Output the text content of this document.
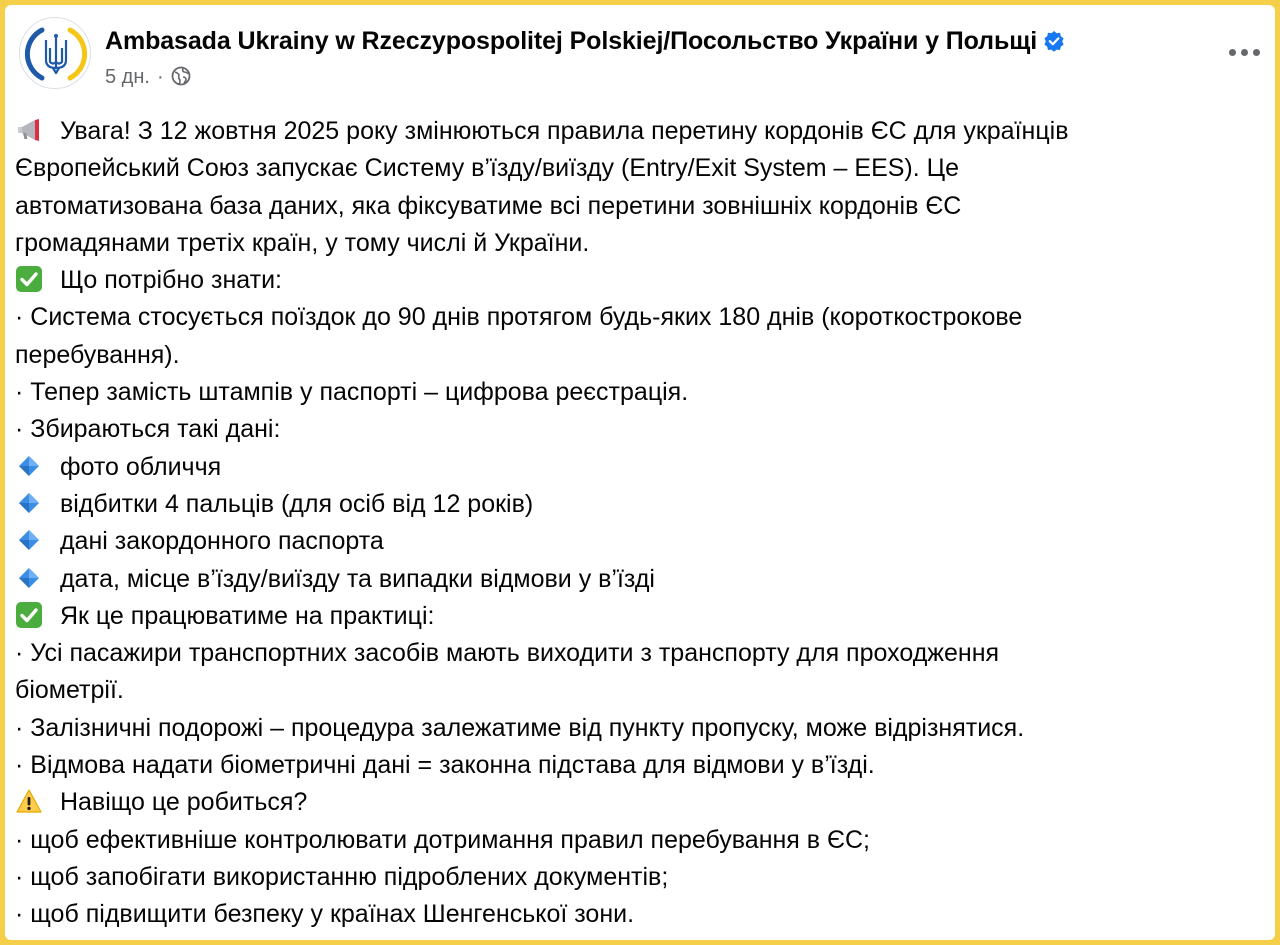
Ambasada Ukrainy w Rzeczypospolitej Polskiej/Посольство України у Польщі
5 дн. ·
Увага! З 12 жовтня 2025 року змінюються правила перетину кордонів ЄС для українців
Європейський Союз запускає Систему в’їзду/виїзду (Entry/Exit System – EES). Це
автоматизована база даних, яка фіксуватиме всі перетини зовнішніх кордонів ЄС
громадянами третіх країн, у тому числі й України.
Що потрібно знати:
· Система стосується поїздок до 90 днів протягом будь-яких 180 днів (короткострокове
перебування).
· Тепер замість штампів у паспорті – цифрова реєстрація.
· Збираються такі дані:
фото обличчя
відбитки 4 пальців (для осіб від 12 років)
дані закордонного паспорта
дата, місце в’їзду/виїзду та випадки відмови у в’їзді
Як це працюватиме на практиці:
· Усі пасажири транспортних засобів мають виходити з транспорту для проходження
біометрії.
· Залізничні подорожі – процедура залежатиме від пункту пропуску, може відрізнятися.
· Відмова надати біометричні дані = законна підстава для відмови у в’їзді.
Навіщо це робиться?
· щоб ефективніше контролювати дотримання правил перебування в ЄС;
· щоб запобігати використанню підроблених документів;
· щоб підвищити безпеку у країнах Шенгенської зони.
